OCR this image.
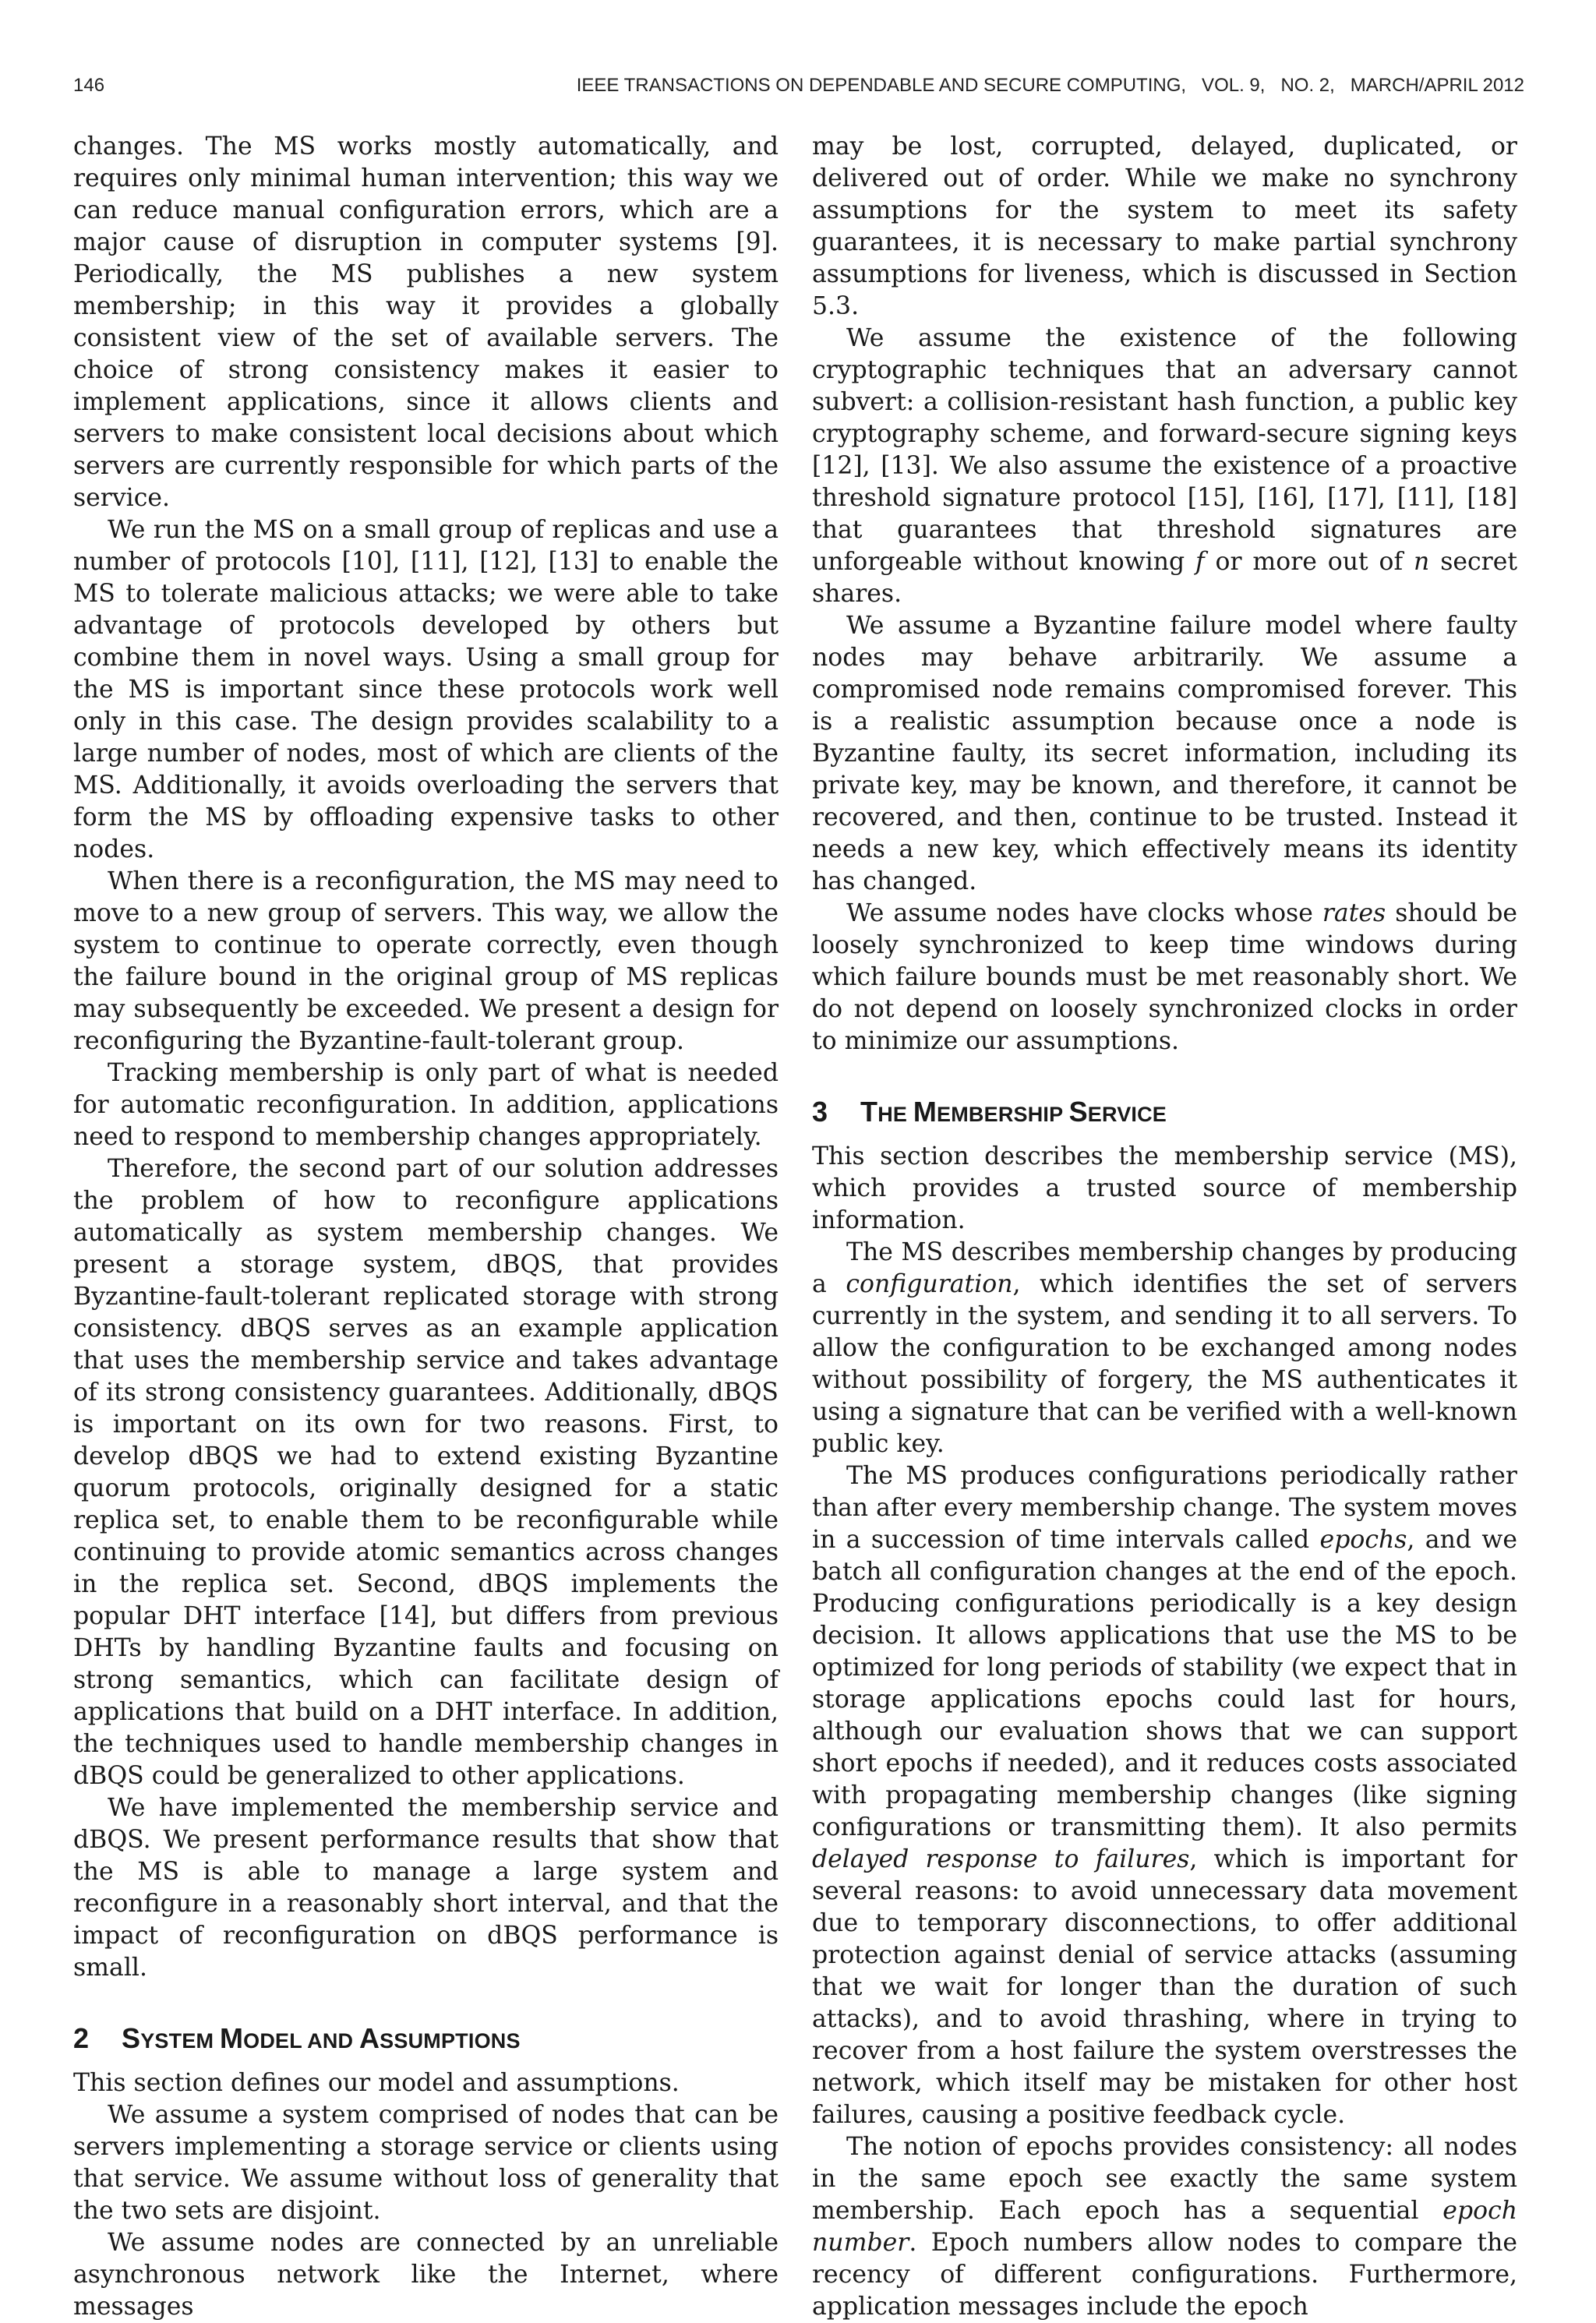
146	IEEE TRANSACTIONS ON DEPENDABLE AND SECURE COMPUTING,   VOL. 9,   NO. 2,   MARCH/APRIL 2012

changes. The MS works mostly automatically, and requires only minimal human intervention; this way we can reduce manual configuration errors, which are a major cause of disruption in computer systems [9]. Periodically, the MS publishes a new system membership; in this way it provides a globally consistent view of the set of available servers. The choice of strong consistency makes it easier to implement applications, since it allows clients and servers to make consistent local decisions about which servers are currently responsible for which parts of the service.

We run the MS on a small group of replicas and use a number of protocols [10], [11], [12], [13] to enable the MS to tolerate malicious attacks; we were able to take advantage of protocols developed by others but combine them in novel ways. Using a small group for the MS is important since these protocols work well only in this case. The design provides scalability to a large number of nodes, most of which are clients of the MS. Additionally, it avoids overloading the servers that form the MS by offloading expensive tasks to other nodes.

When there is a reconfiguration, the MS may need to move to a new group of servers. This way, we allow the system to continue to operate correctly, even though the failure bound in the original group of MS replicas may subsequently be exceeded. We present a design for reconfiguring the Byzantine-fault-tolerant group.

Tracking membership is only part of what is needed for automatic reconfiguration. In addition, applications need to respond to membership changes appropriately.

Therefore, the second part of our solution addresses the problem of how to reconfigure applications automatically as system membership changes. We present a storage system, dBQS, that provides Byzantine-fault-tolerant replicated storage with strong consistency. dBQS serves as an example application that uses the membership service and takes advantage of its strong consistency guarantees. Additionally, dBQS is important on its own for two reasons. First, to develop dBQS we had to extend existing Byzantine quorum protocols, originally designed for a static replica set, to enable them to be reconfigurable while continuing to provide atomic semantics across changes in the replica set. Second, dBQS implements the popular DHT interface [14], but differs from previous DHTs by handling Byzantine faults and focusing on strong semantics, which can facilitate design of applications that build on a DHT interface. In addition, the techniques used to handle membership changes in dBQS could be generalized to other applications.

We have implemented the membership service and dBQS. We present performance results that show that the MS is able to manage a large system and reconfigure in a reasonably short interval, and that the impact of reconfiguration on dBQS performance is small.

2 SYSTEM MODEL AND ASSUMPTIONS

This section defines our model and assumptions.

We assume a system comprised of nodes that can be servers implementing a storage service or clients using that service. We assume without loss of generality that the two sets are disjoint.

We assume nodes are connected by an unreliable asynchronous network like the Internet, where messages

may be lost, corrupted, delayed, duplicated, or delivered out of order. While we make no synchrony assumptions for the system to meet its safety guarantees, it is necessary to make partial synchrony assumptions for liveness, which is discussed in Section 5.3.

We assume the existence of the following cryptographic techniques that an adversary cannot subvert: a collision-resistant hash function, a public key cryptography scheme, and forward-secure signing keys [12], [13]. We also assume the existence of a proactive threshold signature protocol [15], [16], [17], [11], [18] that guarantees that threshold signatures are unforgeable without knowing f or more out of n secret shares.

We assume a Byzantine failure model where faulty nodes may behave arbitrarily. We assume a compromised node remains compromised forever. This is a realistic assumption because once a node is Byzantine faulty, its secret information, including its private key, may be known, and therefore, it cannot be recovered, and then, continue to be trusted. Instead it needs a new key, which effectively means its identity has changed.

We assume nodes have clocks whose rates should be loosely synchronized to keep time windows during which failure bounds must be met reasonably short. We do not depend on loosely synchronized clocks in order to minimize our assumptions.

3 THE MEMBERSHIP SERVICE

This section describes the membership service (MS), which provides a trusted source of membership information.

The MS describes membership changes by producing a configuration, which identifies the set of servers currently in the system, and sending it to all servers. To allow the configuration to be exchanged among nodes without possibility of forgery, the MS authenticates it using a signature that can be verified with a well-known public key.

The MS produces configurations periodically rather than after every membership change. The system moves in a succession of time intervals called epochs, and we batch all configuration changes at the end of the epoch. Producing configurations periodically is a key design decision. It allows applications that use the MS to be optimized for long periods of stability (we expect that in storage applications epochs could last for hours, although our evaluation shows that we can support short epochs if needed), and it reduces costs associated with propagating membership changes (like signing configurations or transmitting them). It also permits delayed response to failures, which is important for several reasons: to avoid unnecessary data movement due to temporary disconnections, to offer additional protection against denial of service attacks (assuming that we wait for longer than the duration of such attacks), and to avoid thrashing, where in trying to recover from a host failure the system overstresses the network, which itself may be mistaken for other host failures, causing a positive feedback cycle.

The notion of epochs provides consistency: all nodes in the same epoch see exactly the same system membership. Each epoch has a sequential epoch number. Epoch numbers allow nodes to compare the recency of different configurations. Furthermore, application messages include the epoch
